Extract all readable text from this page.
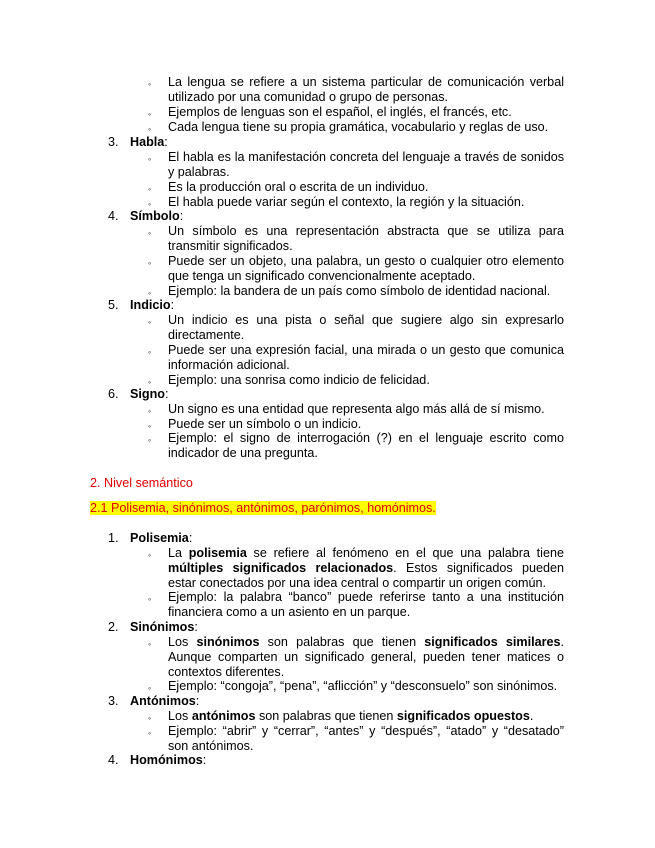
◦ La lengua se refiere a un sistema particular de comunicación verbal
utilizado por una comunidad o grupo de personas.
◦ Ejemplos de lenguas son el español, el inglés, el francés, etc.
◦ Cada lengua tiene su propia gramática, vocabulario y reglas de uso.
3. Habla:
◦ El habla es la manifestación concreta del lenguaje a través de sonidos
y palabras.
◦ Es la producción oral o escrita de un individuo.
◦ El habla puede variar según el contexto, la región y la situación.
4. Símbolo:
◦ Un símbolo es una representación abstracta que se utiliza para
transmitir significados.
◦ Puede ser un objeto, una palabra, un gesto o cualquier otro elemento
que tenga un significado convencionalmente aceptado.
◦ Ejemplo: la bandera de un país como símbolo de identidad nacional.
5. Indicio:
◦ Un indicio es una pista o señal que sugiere algo sin expresarlo
directamente.
◦ Puede ser una expresión facial, una mirada o un gesto que comunica
información adicional.
◦ Ejemplo: una sonrisa como indicio de felicidad.
6. Signo:
◦ Un signo es una entidad que representa algo más allá de sí mismo.
◦ Puede ser un símbolo o un indicio.
◦ Ejemplo: el signo de interrogación (?) en el lenguaje escrito como
indicador de una pregunta.
2. Nivel semántico
2.1 Polisemia, sinónimos, antónimos, parónimos, homónimos.
1. Polisemia:
◦ La polisemia se refiere al fenómeno en el que una palabra tiene
múltiples significados relacionados. Estos significados pueden
estar conectados por una idea central o compartir un origen común.
◦ Ejemplo: la palabra “banco” puede referirse tanto a una institución
financiera como a un asiento en un parque.
2. Sinónimos:
◦ Los sinónimos son palabras que tienen significados similares.
Aunque comparten un significado general, pueden tener matices o
contextos diferentes.
◦ Ejemplo: “congoja”, “pena”, “aflicción” y “desconsuelo” son sinónimos.
3. Antónimos:
◦ Los antónimos son palabras que tienen significados opuestos.
◦ Ejemplo: “abrir” y “cerrar”, “antes” y “después”, “atado” y “desatado”
son antónimos.
4. Homónimos:
